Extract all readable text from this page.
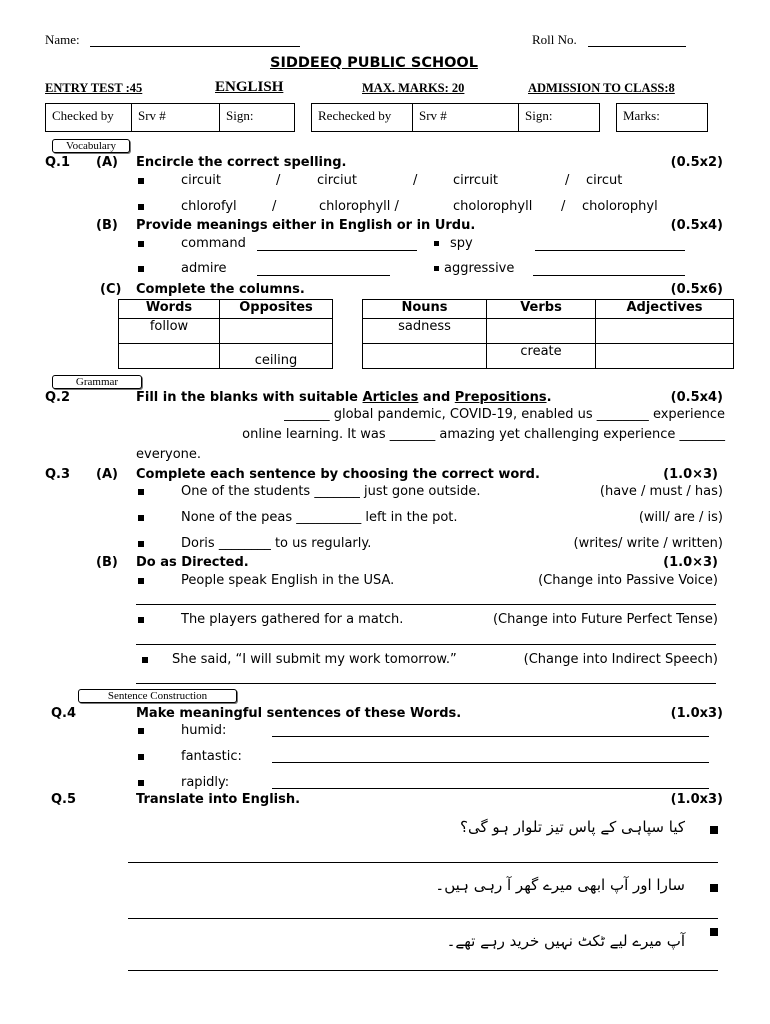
Name:	Roll No.
SIDDEEQ PUBLIC SCHOOL
ENTRY TEST :45	ENGLISH	MAX. MARKS: 20	ADMISSION TO CLASS:8
Checked by	Srv #	Sign:	Rechecked by	Srv #	Sign:	Marks:
Vocabulary
Q.1 (A) Encircle the correct spelling.	(0.5x2)
circuit	/	circiut	/	cirrcuit	/ circut
chlorofyl	/	chlorophyll /	cholorophyll / cholorophyl
(B) Provide meanings either in English or in Urdu.	(0.5x4)
command	spy
admire	aggressive
(C) Complete the columns.	(0.5x6)
Words	Opposites
follow	
	ceiling
Nouns	Verbs	Adjectives
sadness		
	create	
Grammar
Q.2	Fill in the blanks with suitable Articles and Prepositions.	(0.5x4)
_______ global pandemic, COVID-19, enabled us ________ experience
online learning. It was _______ amazing yet challenging experience _______
everyone.
Q.3 (A) Complete each sentence by choosing the correct word.	(1.0×3)
One of the students _______ just gone outside.	(have / must / has)
None of the peas __________ left in the pot.	(will/ are / is)
Doris ________ to us regularly.	(writes/ write / written)
(B) Do as Directed.	(1.0×3)
People speak English in the USA.	(Change into Passive Voice)
The players gathered for a match.	(Change into Future Perfect Tense)
She said, “I will submit my work tomorrow.”	(Change into Indirect Speech)
Sentence Construction
Q.4	Make meaningful sentences of these Words.	(1.0x3)
humid:
fantastic:
rapidly:
Q.5	Translate into English.	(1.0x3)
کیا سپاہی کے پاس تیز تلوار ہو گی؟
سارا اور آپ ابھی میرے گھر آ رہی ہیں۔
آپ میرے لیے ٹکٹ نہیں خرید رہے تھے۔
